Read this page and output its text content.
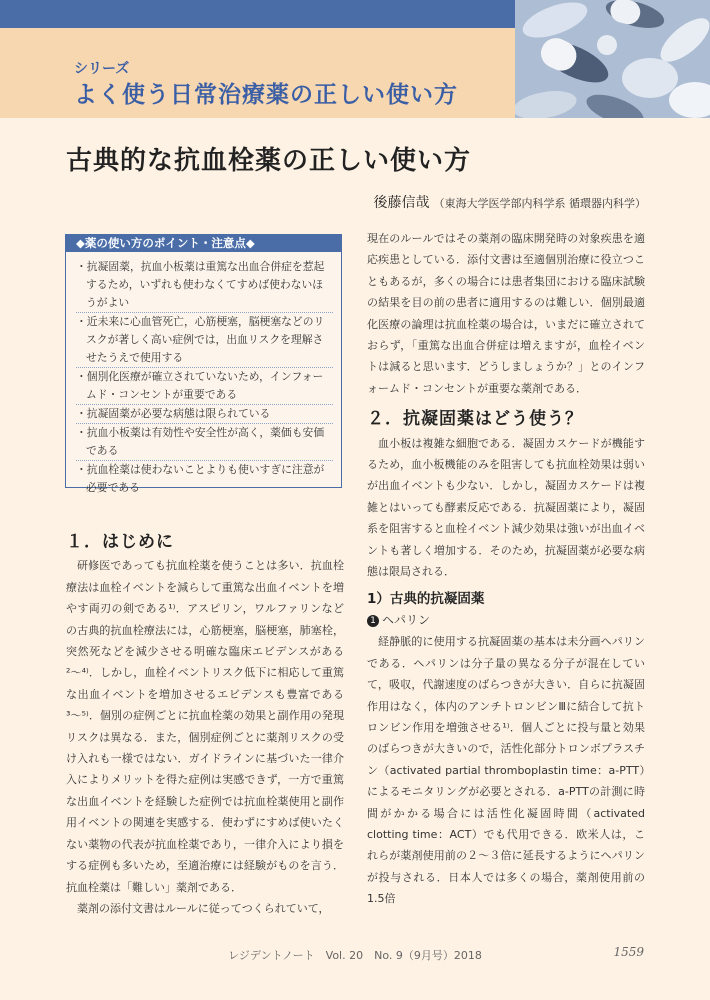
シリーズ
よく使う日常治療薬の正しい使い方
古典的な抗血栓薬の正しい使い方
後藤信哉 （東海大学医学部内科学系 循環器内科学）
◆薬の使い方のポイント・注意点◆
・抗凝固薬，抗血小板薬は重篤な出血合併症を惹起するため，いずれも使わなくてすめば使わないほうがよい
・近未来に心血管死亡，心筋梗塞，脳梗塞などのリスクが著しく高い症例では，出血リスクを理解させたうえで使用する
・個別化医療が確立されていないため，インフォームド・コンセントが重要である
・抗凝固薬が必要な病態は限られている
・抗血小板薬は有効性や安全性が高く，薬価も安価である
・抗血栓薬は使わないことよりも使いすぎに注意が必要である
１．はじめに

研修医であっても抗血栓薬を使うことは多い．抗血栓療法は血栓イベントを減らして重篤な出血イベントを増やす両刃の剣である¹⁾．アスピリン，ワルファリンなどの古典的抗血栓療法には，心筋梗塞，脳梗塞，肺塞栓，突然死などを減少させる明確な臨床エビデンスがある²〜⁴⁾．しかし，血栓イベントリスク低下に相応して重篤な出血イベントを増加させるエビデンスも豊富である³〜⁵⁾．個別の症例ごとに抗血栓薬の効果と副作用の発現リスクは異なる．また，個別症例ごとに薬剤リスクの受け入れも一様ではない．ガイドラインに基づいた一律介入によりメリットを得た症例は実感できず，一方で重篤な出血イベントを経験した症例では抗血栓薬使用と副作用イベントの関連を実感する．使わずにすめば使いたくない薬物の代表が抗血栓薬であり，一律介入により損をする症例も多いため，至適治療には経験がものを言う．抗血栓薬は「難しい」薬剤である．

薬剤の添付文書はルールに従ってつくられていて，

現在のルールではその薬剤の臨床開発時の対象疾患を適応疾患としている．添付文書は至適個別治療に役立つこともあるが，多くの場合には患者集団における臨床試験の結果を目の前の患者に適用するのは難しい．個別最適化医療の論理は抗血栓薬の場合は，いまだに確立されておらず，「重篤な出血合併症は増えますが，血栓イベントは減ると思います．どうしましょうか？」とのインフォームド・コンセントが重要な薬剤である．

２．抗凝固薬はどう使う？

血小板は複雑な細胞である．凝固カスケードが機能するため，血小板機能のみを阻害しても抗血栓効果は弱いが出血イベントも少ない．しかし，凝固カスケードは複雑とはいっても酵素反応である．抗凝固薬により，凝固系を阻害すると血栓イベント減少効果は強いが出血イベントも著しく増加する．そのため，抗凝固薬が必要な病態は限局される．

1）古典的抗凝固薬
1 ヘパリン

経静脈的に使用する抗凝固薬の基本は未分画ヘパリンである．ヘパリンは分子量の異なる分子が混在していて，吸収，代謝速度のばらつきが大きい．自らに抗凝固作用はなく，体内のアンチトロンビンⅢに結合して抗トロンビン作用を増強させる¹⁾．個人ごとに投与量と効果のばらつきが大きいので，活性化部分トロンボプラスチン（activated partial thromboplastin time：a-PTT）によるモニタリングが必要とされる．a-PTTの計測に時間がかかる場合には活性化凝固時間（activated clotting time：ACT）でも代用できる．欧米人は，これらが薬剤使用前の２〜３倍に延長するようにヘパリンが投与される．日本人では多くの場合，薬剤使用前の1.5倍

レジデントノート　Vol. 20　No. 9（9月号）2018	1559
